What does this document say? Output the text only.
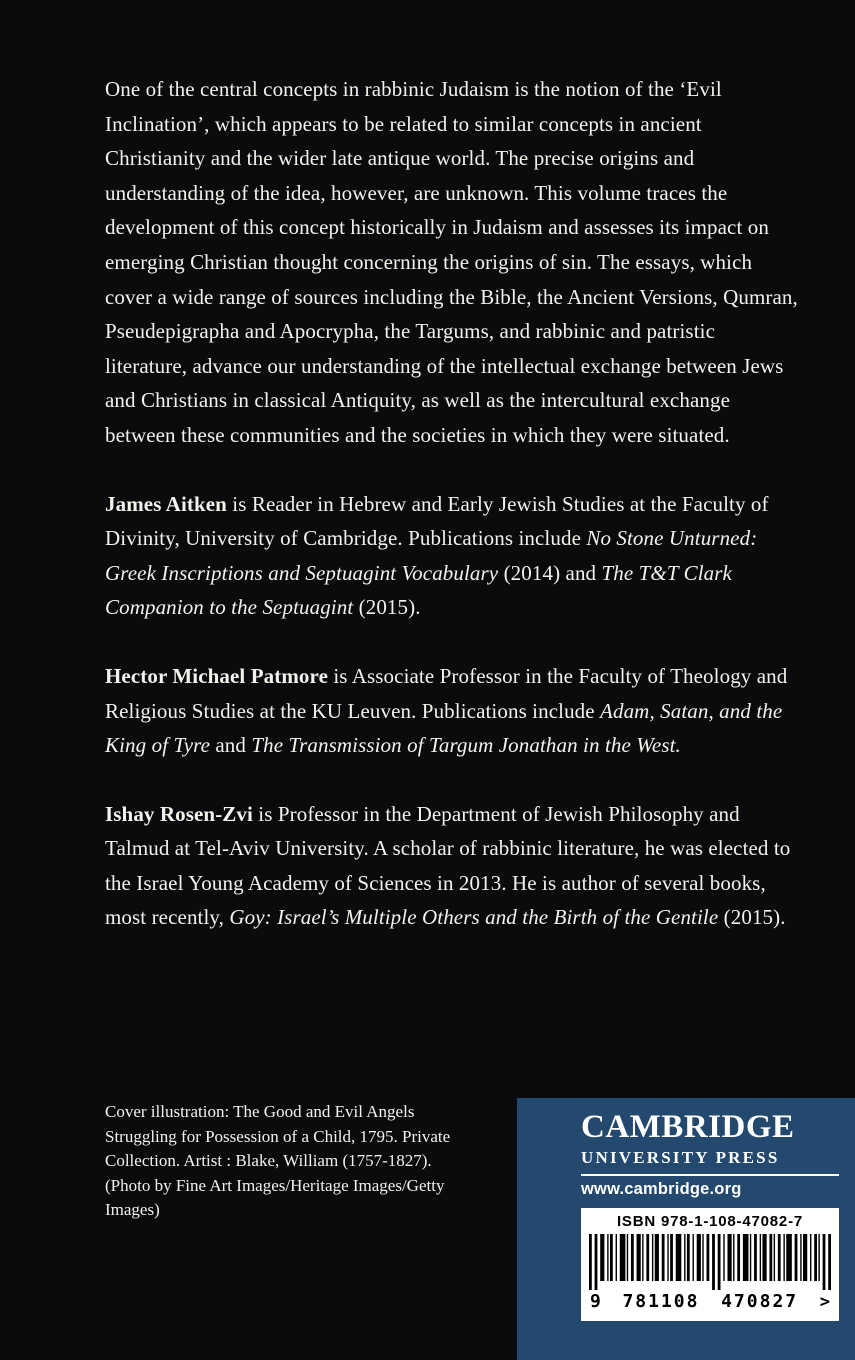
One of the central concepts in rabbinic Judaism is the notion of the ‘Evil Inclination’, which appears to be related to similar concepts in ancient Christianity and the wider late antique world. The precise origins and understanding of the idea, however, are unknown. This volume traces the development of this concept historically in Judaism and assesses its impact on emerging Christian thought concerning the origins of sin. The essays, which cover a wide range of sources including the Bible, the Ancient Versions, Qumran, Pseudepigrapha and Apocrypha, the Targums, and rabbinic and patristic literature, advance our understanding of the intellectual exchange between Jews and Christians in classical Antiquity, as well as the intercultural exchange between these communities and the societies in which they were situated.

James Aitken is Reader in Hebrew and Early Jewish Studies at the Faculty of Divinity, University of Cambridge. Publications include No Stone Unturned: Greek Inscriptions and Septuagint Vocabulary (2014) and The T&T Clark Companion to the Septuagint (2015).

Hector Michael Patmore is Associate Professor in the Faculty of Theology and Religious Studies at the KU Leuven. Publications include Adam, Satan, and the King of Tyre and The Transmission of Targum Jonathan in the West.

Ishay Rosen-Zvi is Professor in the Department of Jewish Philosophy and Talmud at Tel-Aviv University. A scholar of rabbinic literature, he was elected to the Israel Young Academy of Sciences in 2013. He is author of several books, most recently, Goy: Israel’s Multiple Others and the Birth of the Gentile (2015).

Cover illustration: The Good and Evil Angels Struggling for Possession of a Child, 1795. Private Collection. Artist : Blake, William (1757-1827). (Photo by Fine Art Images/Heritage Images/Getty Images)
CAMBRIDGE
UNIVERSITY PRESS
www.cambridge.org
ISBN 978-1-108-47082-7
9 781108 470827 >
